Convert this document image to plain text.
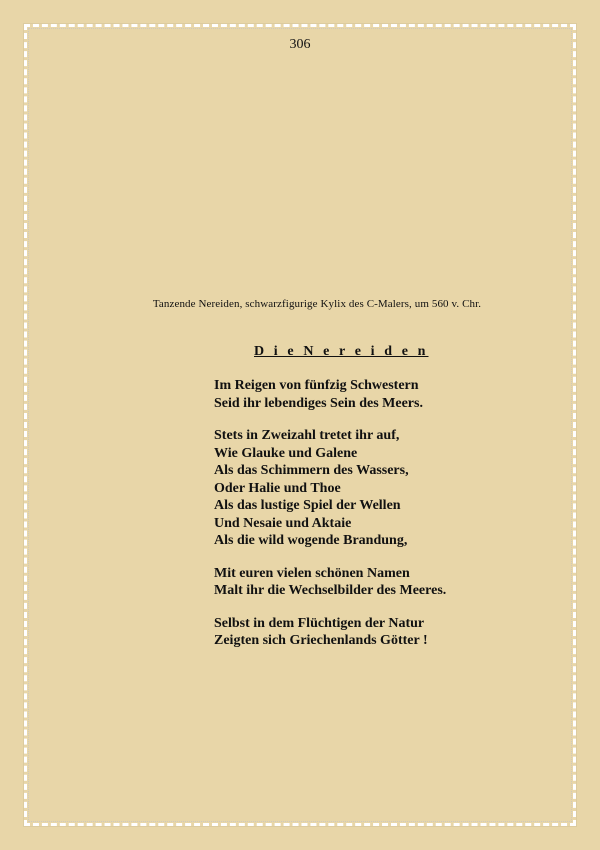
306
Tanzende Nereiden, schwarzfigurige Kylix des C-Malers, um 560 v. Chr.
D i e N e r e i d e n
Im Reigen von fünfzig Schwestern
Seid ihr lebendiges Sein des Meers.
Stets in Zweizahl tretet ihr auf,
Wie Glauke und Galene
Als das Schimmern des Wassers,
Oder Halie und Thoe
Als das lustige Spiel der Wellen
Und Nesaie und Aktaie
Als die wild wogende Brandung,
Mit euren vielen schönen Namen
Malt ihr die Wechselbilder des Meeres.
Selbst in dem Flüchtigen der Natur
Zeigten sich Griechenlands Götter !
